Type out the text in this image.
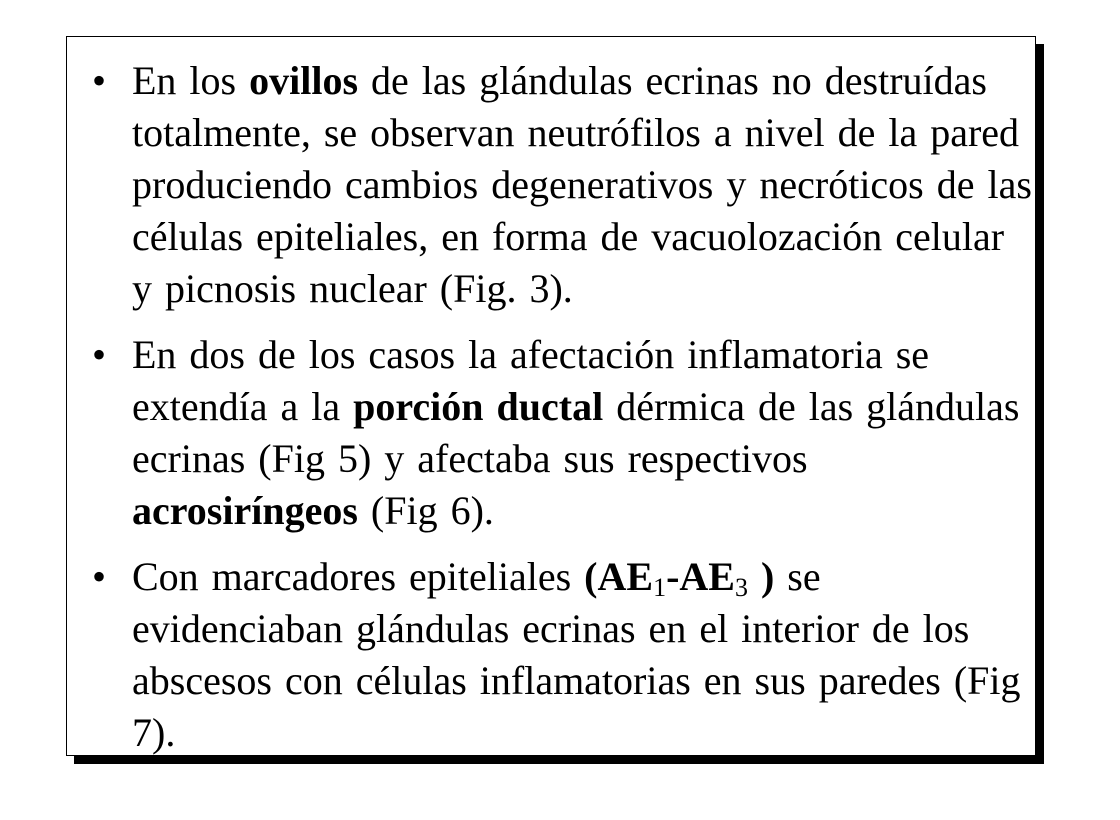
• En los ovillos de las glándulas ecrinas no destruídas totalmente, se observan neutrófilos a nivel de la pared produciendo cambios degenerativos y necróticos de las células epiteliales, en forma de vacuolozación celular y picnosis nuclear (Fig. 3).
• En dos de los casos la afectación inflamatoria se extendía a la porción ductal dérmica de las glándulas ecrinas (Fig 5) y afectaba sus respectivos acrosiríngeos (Fig 6).
• Con marcadores epiteliales ($AE_1-AE_3$ ) se evidenciaban glándulas ecrinas en el interior de los abscesos con células inflamatorias en sus paredes (Fig 7).
